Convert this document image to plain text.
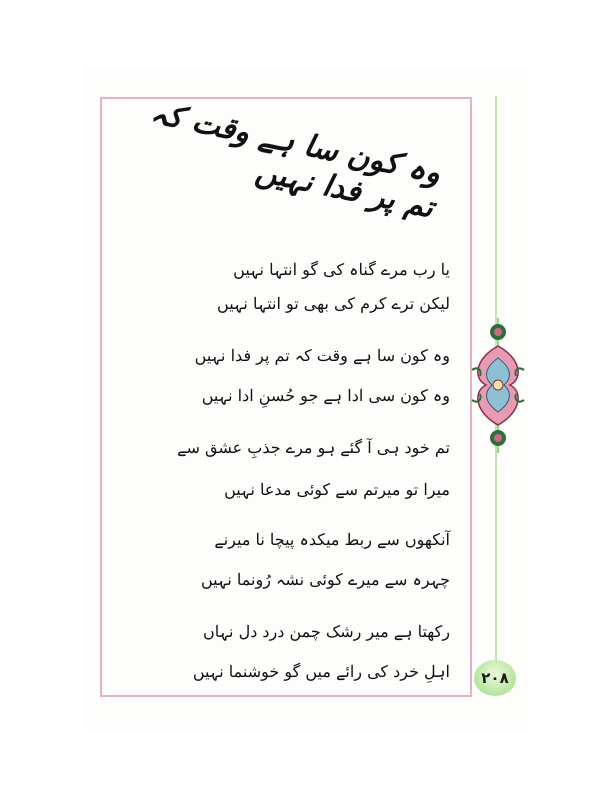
وہ کون سا ہے وقت کہ تم پر فدا نہیں
یا رب مرے گناہ کی گو انتہا نہیں
لیکن ترے کرم کی بھی تو انتہا نہیں
وہ کون سا ہے وقت کہ تم پر فدا نہیں
وہ کون سی ادا ہے جو حُسنِ ادا نہیں
تم خود ہی آ گئے ہو مرے جذبِ عشق سے
میرا تو میرتم سے کوئی مدعا نہیں
آنکھوں سے ربط میکدہ پیچا نا میرنے
چہرہ سے میرے کوئی نشہ رُونما نہیں
رکھتا ہے میر رشک چمن درد دل نہاں
اہلِ خرد کی رائے میں گو خوشنما نہیں	۲۰۸
